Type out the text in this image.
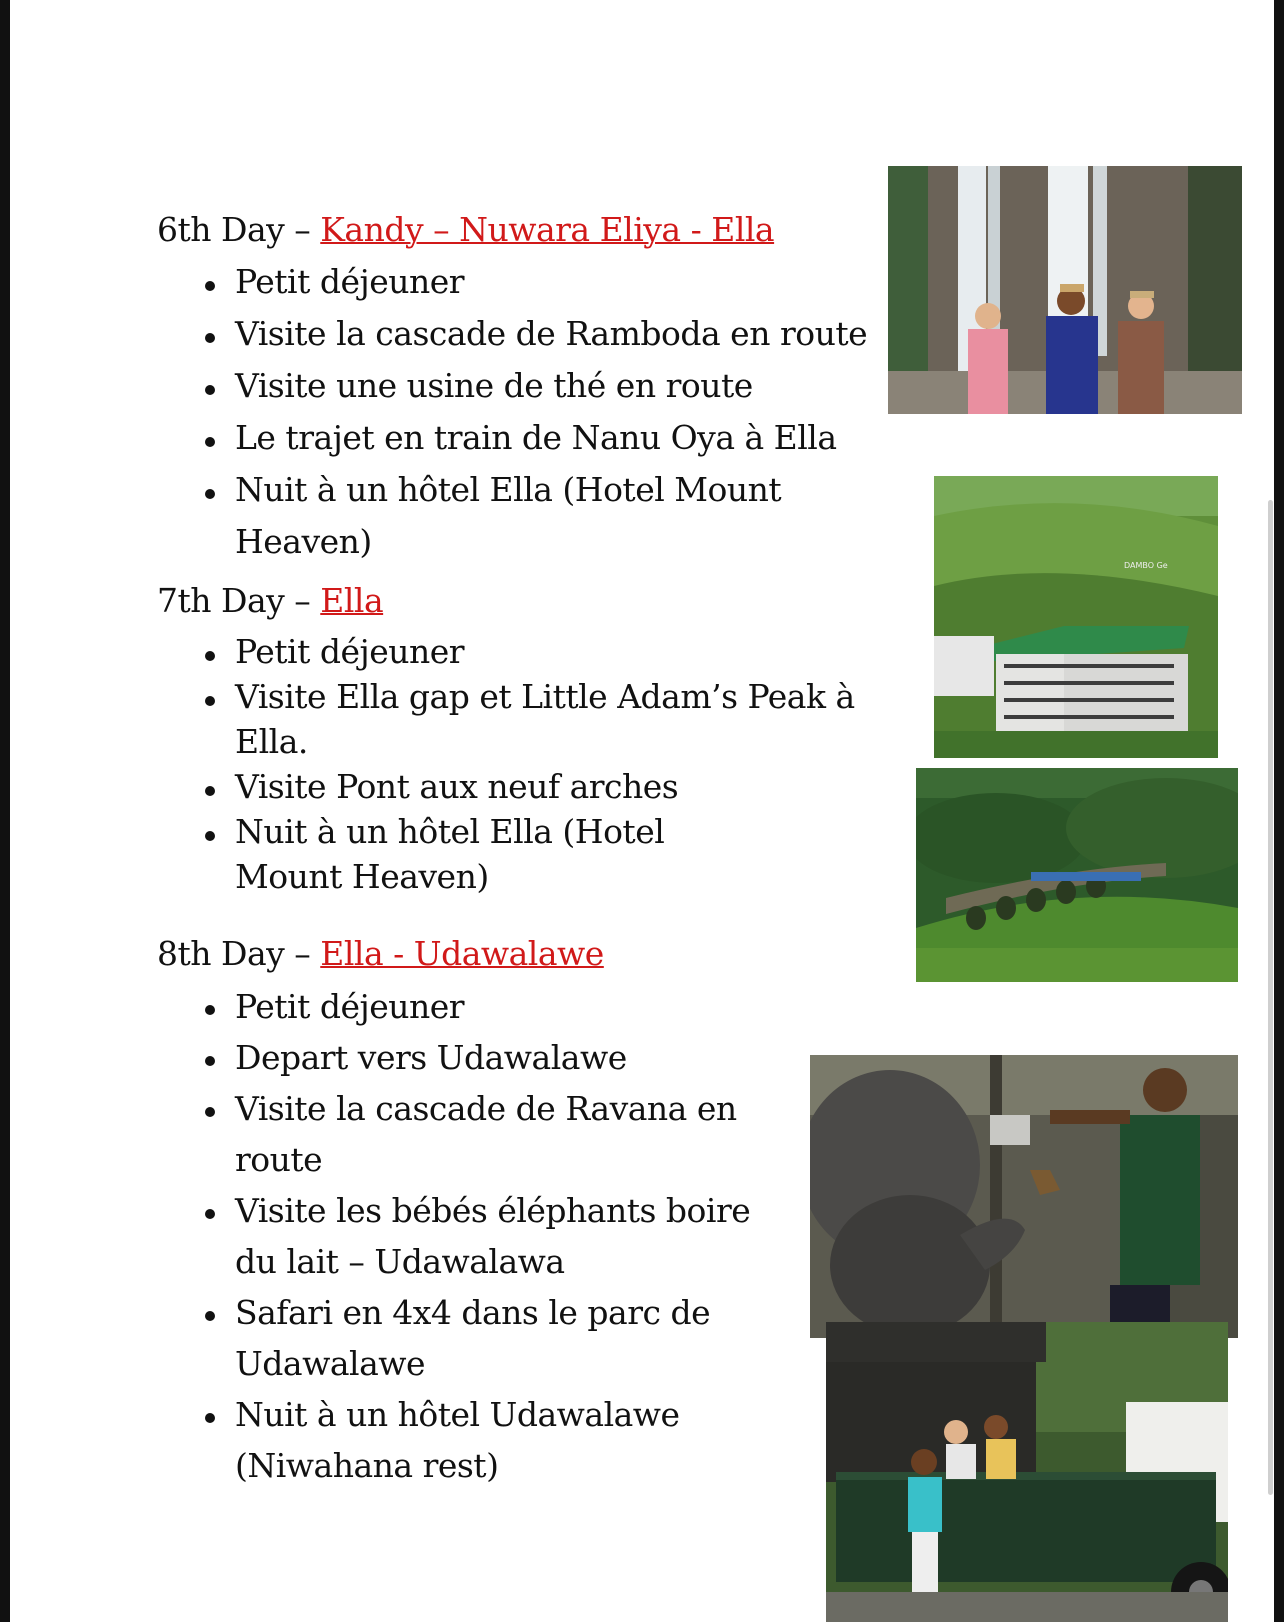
6th Day – Kandy – Nuwara Eliya - Ella
Petit déjeuner
Visite la cascade de Ramboda en route
Visite une usine de thé en route
Le trajet en train de Nanu Oya à Ella
Nuit à un hôtel Ella (Hotel Mount Heaven)
7th Day – Ella
Petit déjeuner
Visite Ella gap et Little Adam’s Peak à Ella.
Visite Pont aux neuf arches
Nuit à un hôtel Ella (Hotel Mount Heaven)
8th Day – Ella - Udawalawe
Petit déjeuner
Depart vers Udawalawe
Visite la cascade de Ravana en route
Visite les bébés éléphants boire du lait – Udawalawa
Safari en 4x4 dans le parc de Udawalawe
Nuit à un hôtel Udawalawe (Niwahana rest)
DAMBO Ge
